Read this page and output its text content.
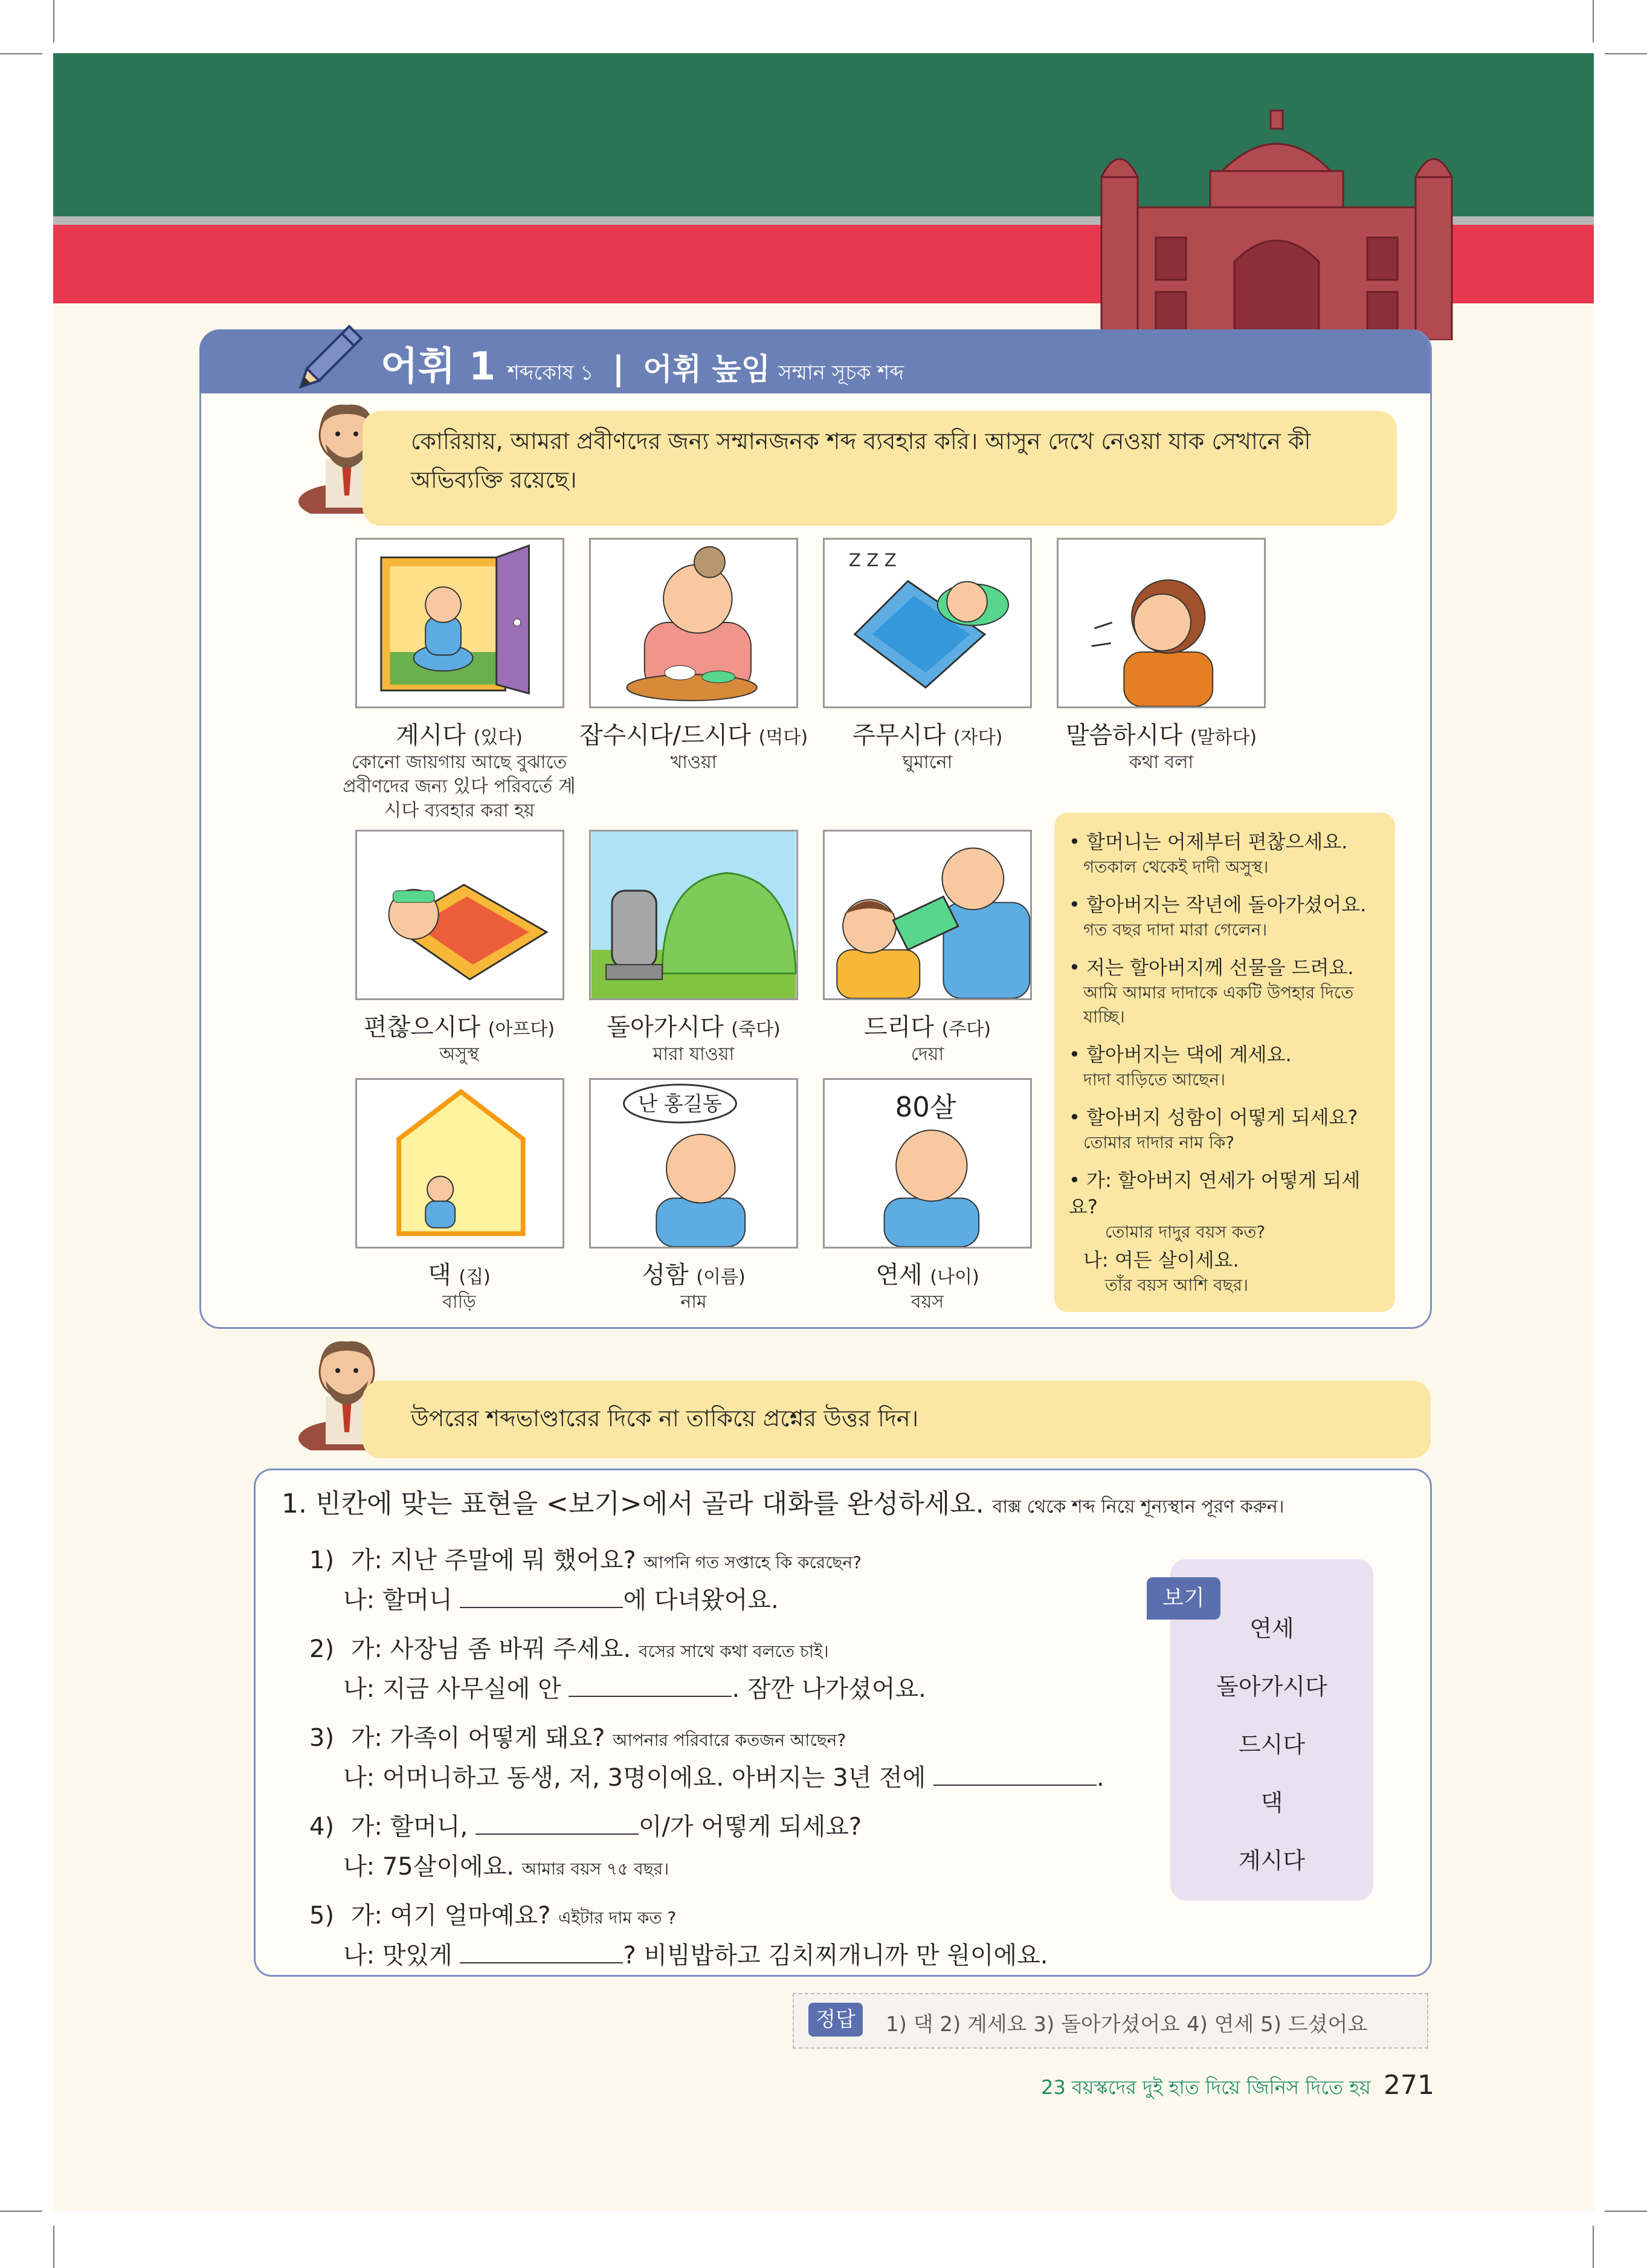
어휘 1 শব্দকোষ ১ | 어휘 높임 সম্মান সূচক শব্দ
কোরিয়ায়, আমরা প্রবীণদের জন্য সম্মানজনক শব্দ ব্যবহার করি। আসুন দেখে নেওয়া যাক সেখানে কী অভিব্যক্তি রয়েছে।
Z Z Z
계시다 (있다)
কোনো জায়গায় আছে বুঝাতে প্রবীণদের জন্য 있다 পরিবর্তে 계시다 ব্যবহার করা হয়
잡수시다/드시다 (먹다)
খাওয়া
주무시다 (자다)
ঘুমানো
말씀하시다 (말하다)
কথা বলা
편찮으시다 (아프다)
অসুস্থ
돌아가시다 (죽다)
মারা যাওয়া
드리다 (주다)
দেয়া
난 홍길동	80살
댁 (집)
বাড়ি
성함 (이름)
নাম
연세 (나이)
বয়স
• 할머니는 어제부터 편찮으세요.
গতকাল থেকেই দাদী অসুস্থ।
• 할아버지는 작년에 돌아가셨어요.
গত বছর দাদা মারা গেলেন।
• 저는 할아버지께 선물을 드려요.
আমি আমার দাদাকে একটি উপহার দিতে যাচ্ছি।
• 할아버지는 댁에 계세요.
দাদা বাড়িতে আছেন।
• 할아버지 성함이 어떻게 되세요?
তোমার দাদার নাম কি?
• 가: 할아버지 연세가 어떻게 되세요?
তোমার দাদুর বয়স কত?
나: 여든 살이세요.
তাঁর বয়স আশি বছর।
উপরের শব্দভাণ্ডারের দিকে না তাকিয়ে প্রশ্নের উত্তর দিন।
1. 빈칸에 맞는 표현을 <보기>에서 골라 대화를 완성하세요. বাক্স থেকে শব্দ নিয়ে শূন্যস্থান পূরণ করুন।
1) 가: 지난 주말에 뭐 했어요? আপনি গত সপ্তাহে কি করেছেন?
나: 할머니	에 다녀왔어요.
2) 가: 사장님 좀 바꿔 주세요. বসের সাথে কথা বলতে চাই।
나: 지금 사무실에 안	. 잠깐 나가셨어요.
3) 가: 가족이 어떻게 돼요? আপনার পরিবারে কতজন আছেন?
나: 어머니하고 동생, 저, 3명이에요. 아버지는 3년 전에	.
4) 가: 할머니,	이/가 어떻게 되세요?
나: 75살이에요. আমার বয়স ৭৫ বছর।
5) 가: 여기 얼마예요? এইটার দাম কত ?
나: 맛있게	? 비빔밥하고 김치찌개니까 만 원이에요.
보기
연세
돌아가시다
드시다
댁
계시다
정답	1) 댁 2) 계세요 3) 돌아가셨어요 4) 연세 5) 드셨어요
23 বয়স্কদের দুই হাত দিয়ে জিনিস দিতে হয় 271
